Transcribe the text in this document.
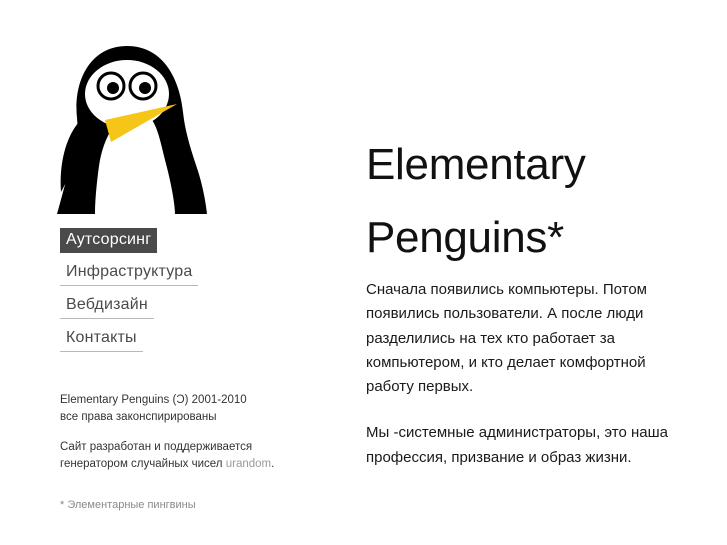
Аутсорсинг
Инфраструктура
Вебдизайн
Контакты
Elementary Penguins (Ɔ) 2001-2010
все права законспирированы
Сайт разработан и поддерживается
генератором случайных чисел urandom.
* Элементарные пингвины
Elementary
Penguins*

Сначала появились компьютеры. Потом появились пользователи. А после люди разделились на тех кто работает за компьютером, и кто делает комфортной работу первых.

Мы -системные администраторы, это наша профессия, призвание и образ жизни.
